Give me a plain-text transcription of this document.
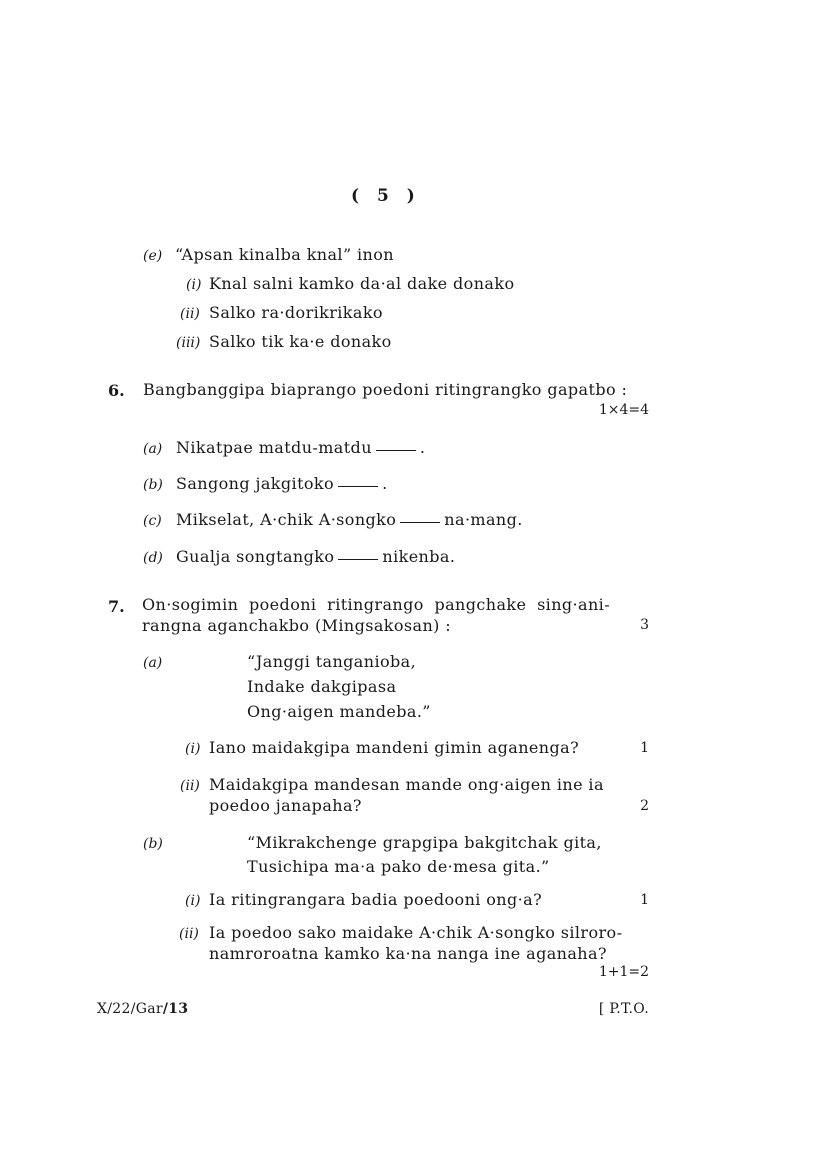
( 5 )
(e) “Apsan kinalba knal” inon
(i) Knal salni kamko da·al dake donako
(ii) Salko ra·dorikrikako
(iii) Salko tik ka·e donako
6. Bangbanggipa biaprango poedoni ritingrangko gapatbo :
1×4=4
(a) Nikatpae matdu-matdu	.
(b) Sangong jakgitoko	.
(c) Mikselat, A·chik A·songko	na·mang.
(d) Gualja songtangko	nikenba.
7. On·sogimin poedoni ritingrango pangchake sing·ani-
rangna aganchakbo (Mingsakosan) :	3
(a)	“Janggi tanganioba,
Indake dakgipasa
Ong·aigen mandeba.”
(i) Iano maidakgipa mandeni gimin aganenga?	1
(ii) Maidakgipa mandesan mande ong·aigen ine ia
poedoo janapaha?	2
(b)	“Mikrakchenge grapgipa bakgitchak gita,
Tusichipa ma·a pako de·mesa gita.”
(i) Ia ritingrangara badia poedooni ong·a?	1
(ii) Ia poedoo sako maidake A·chik A·songko silroro-
namroroatna kamko ka·na nanga ine aganaha?
1+1=2
X/22/Gar/13	[ P.T.O.
